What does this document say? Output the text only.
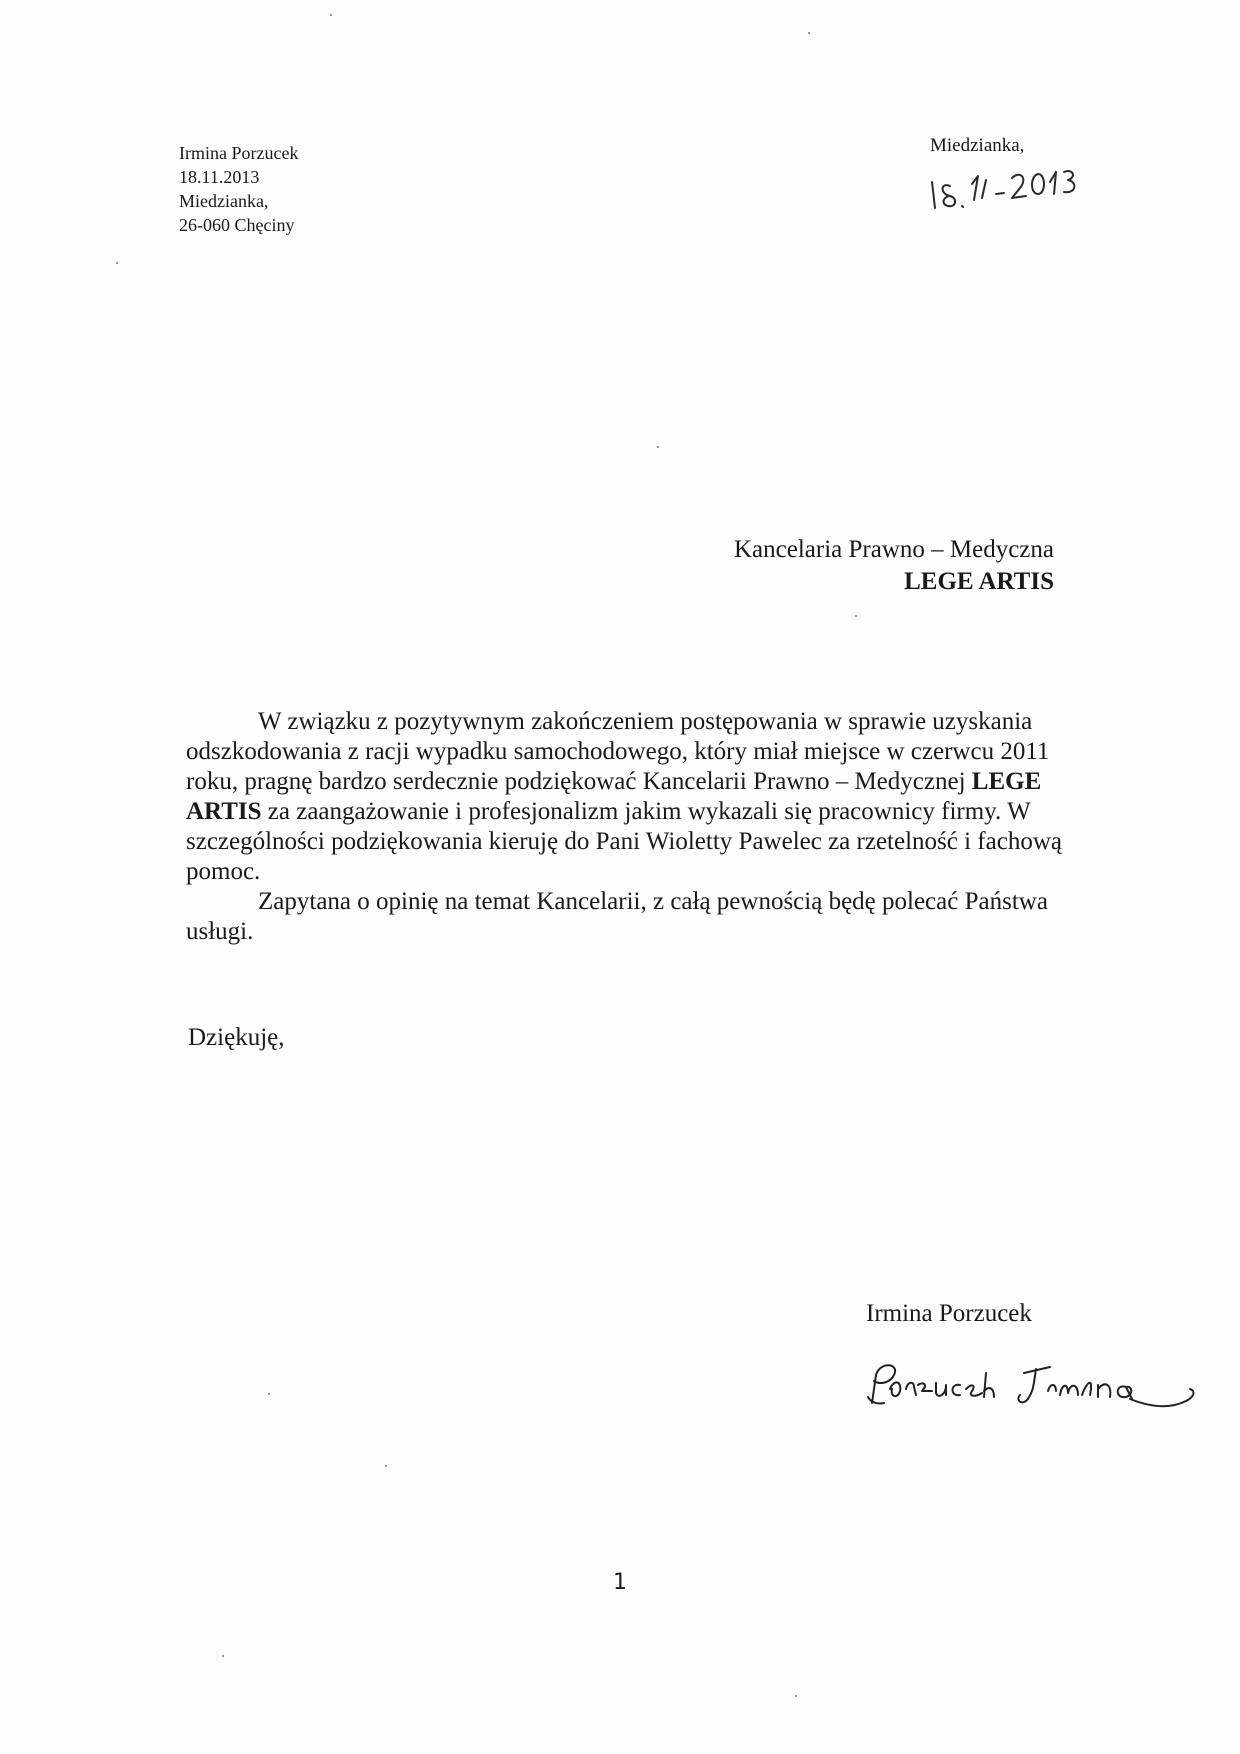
Irmina Porzucek
18.11.2013
Miedzianka,
26-060 Chęciny
Miedzianka,
Kancelaria Prawno – Medyczna
LEGE ARTIS

W związku z pozytywnym zakończeniem postępowania w sprawie uzyskania odszkodowania z racji wypadku samochodowego, który miał miejsce w czerwcu 2011 roku, pragnę bardzo serdecznie podziękować Kancelarii Prawno – Medycznej LEGE ARTIS za zaangażowanie i profesjonalizm jakim wykazali się pracownicy firmy. W szczególności podziękowania kieruję do Pani Wioletty Pawelec za rzetelność i fachową pomoc.

Zapytana o opinię na temat Kancelarii, z całą pewnością będę polecać Państwa usługi.

Dziękuję,
Irmina Porzucek
1
